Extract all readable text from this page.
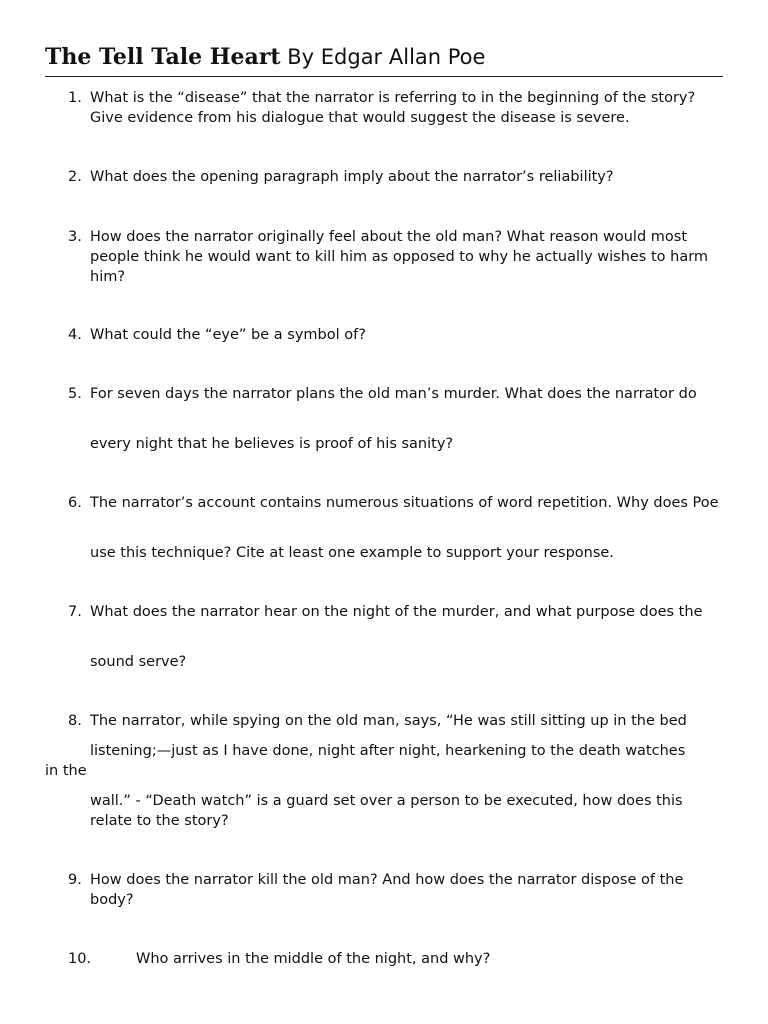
The Tell Tale Heart By Edgar Allan Poe
1. What is the “disease” that the narrator is referring to in the beginning of the story? Give evidence from his dialogue that would suggest the disease is severe.
2. What does the opening paragraph imply about the narrator’s reliability?
3. How does the narrator originally feel about the old man? What reason would most people think he would want to kill him as opposed to why he actually wishes to harm him?
4. What could the “eye” be a symbol of?
5. For seven days the narrator plans the old man’s murder. What does the narrator do
every night that he believes is proof of his sanity?
6. The narrator’s account contains numerous situations of word repetition. Why does Poe
use this technique? Cite at least one example to support your response.
7. What does the narrator hear on the night of the murder, and what purpose does the
sound serve?
8. The narrator, while spying on the old man, says, “He was still sitting up in the bed
listening;—just as I have done, night after night, hearkening to the death watches
in the
wall.” - “Death watch” is a guard set over a person to be executed, how does this relate to the story?
9. How does the narrator kill the old man? And how does the narrator dispose of the body?
10.	Who arrives in the middle of the night, and why?
